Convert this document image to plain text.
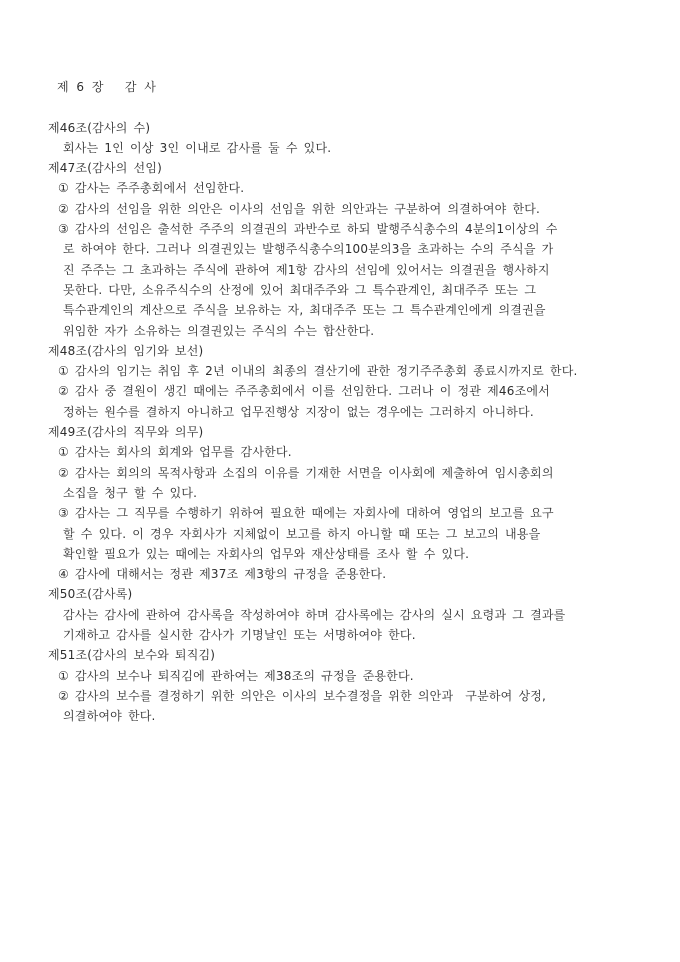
제 6 장   감 사
제46조(감사의 수)
회사는 1인 이상 3인 이내로 감사를 둘 수 있다.
제47조(감사의 선임)
① 감사는 주주총회에서 선임한다.
② 감사의 선임을 위한 의안은 이사의 선임을 위한 의안과는 구분하여 의결하여야 한다.
③ 감사의 선임은 출석한 주주의 의결권의 과반수로 하되 발행주식총수의 4분의1이상의 수
로 하여야 한다. 그러나 의결권있는 발행주식총수의100분의3을 초과하는 수의 주식을 가
진 주주는 그 초과하는 주식에 관하여 제1항 감사의 선임에 있어서는 의결권을 행사하지
못한다. 다만, 소유주식수의 산정에 있어 최대주주와 그 특수관계인, 최대주주 또는 그
특수관계인의 계산으로 주식을 보유하는 자, 최대주주 또는 그 특수관계인에게 의결권을
위임한 자가 소유하는 의결권있는 주식의 수는 합산한다.
제48조(감사의 임기와 보선)
① 감사의 임기는 취임 후 2년 이내의 최종의 결산기에 관한 정기주주총회 종료시까지로 한다.
② 감사 중 결원이 생긴 때에는 주주총회에서 이를 선임한다. 그러나 이 정관 제46조에서
정하는 원수를 결하지 아니하고 업무진행상 지장이 없는 경우에는 그러하지 아니하다.
제49조(감사의 직무와 의무)
① 감사는 회사의 회계와 업무를 감사한다.
② 감사는 회의의 목적사항과 소집의 이유를 기재한 서면을 이사회에 제출하여 임시총회의
소집을 청구 할 수 있다.
③ 감사는 그 직무를 수행하기 위하여 필요한 때에는 자회사에 대하여 영업의 보고를 요구
할 수 있다. 이 경우 자회사가 지체없이 보고를 하지 아니할 때 또는 그 보고의 내용을
확인할 필요가 있는 때에는 자회사의 업무와 재산상태를 조사 할 수 있다.
④ 감사에 대해서는 정관 제37조 제3항의 규정을 준용한다.
제50조(감사록)
감사는 감사에 관하여 감사록을 작성하여야 하며 감사록에는 감사의 실시 요령과 그 결과를
기재하고 감사를 실시한 감사가 기명날인 또는 서명하여야 한다.
제51조(감사의 보수와 퇴직김)
① 감사의 보수나 퇴직김에 관하여는 제38조의 규정을 준용한다.
② 감사의 보수를 결정하기 위한 의안은 이사의 보수결정을 위한 의안과  구분하여 상정,
의결하여야 한다.
